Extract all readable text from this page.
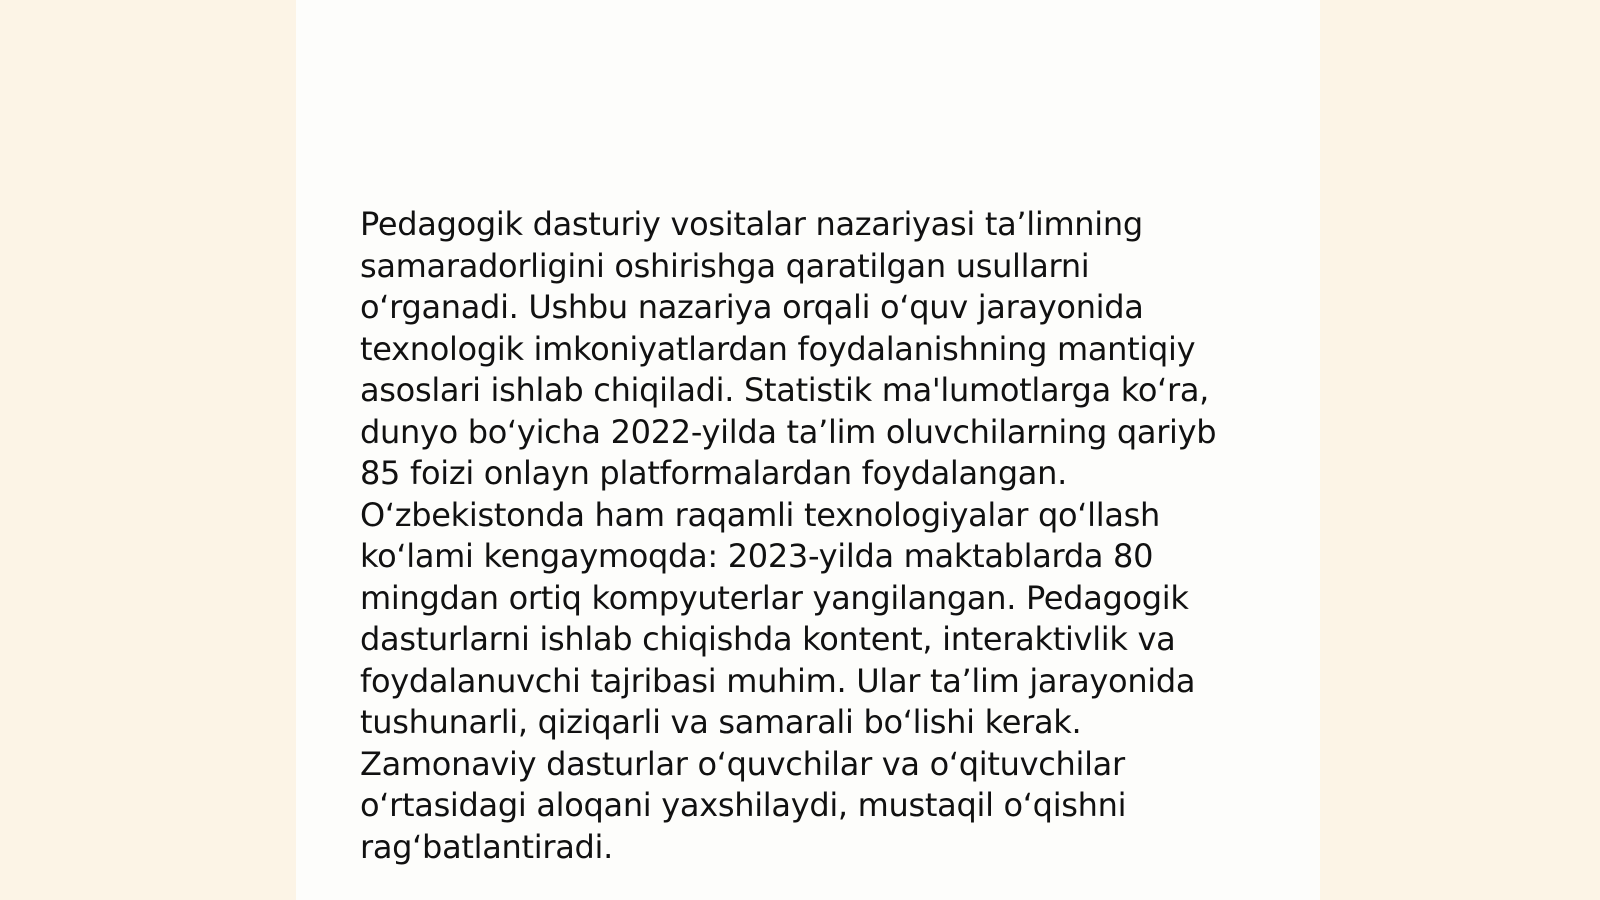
Pedagogik dasturiy vositalar nazariyasi ta’limning
samaradorligini oshirishga qaratilgan usullarni
o‘rganadi. Ushbu nazariya orqali o‘quv jarayonida
texnologik imkoniyatlardan foydalanishning mantiqiy
asoslari ishlab chiqiladi. Statistik ma'lumotlarga ko‘ra,
dunyo bo‘yicha 2022-yilda ta’lim oluvchilarning qariyb
85 foizi onlayn platformalardan foydalangan.
O‘zbekistonda ham raqamli texnologiyalar qo‘llash
ko‘lami kengaymoqda: 2023-yilda maktablarda 80
mingdan ortiq kompyuterlar yangilangan. Pedagogik
dasturlarni ishlab chiqishda kontent, interaktivlik va
foydalanuvchi tajribasi muhim. Ular ta’lim jarayonida
tushunarli, qiziqarli va samarali bo‘lishi kerak.
Zamonaviy dasturlar o‘quvchilar va o‘qituvchilar
o‘rtasidagi aloqani yaxshilaydi, mustaqil o‘qishni
rag‘batlantiradi.
